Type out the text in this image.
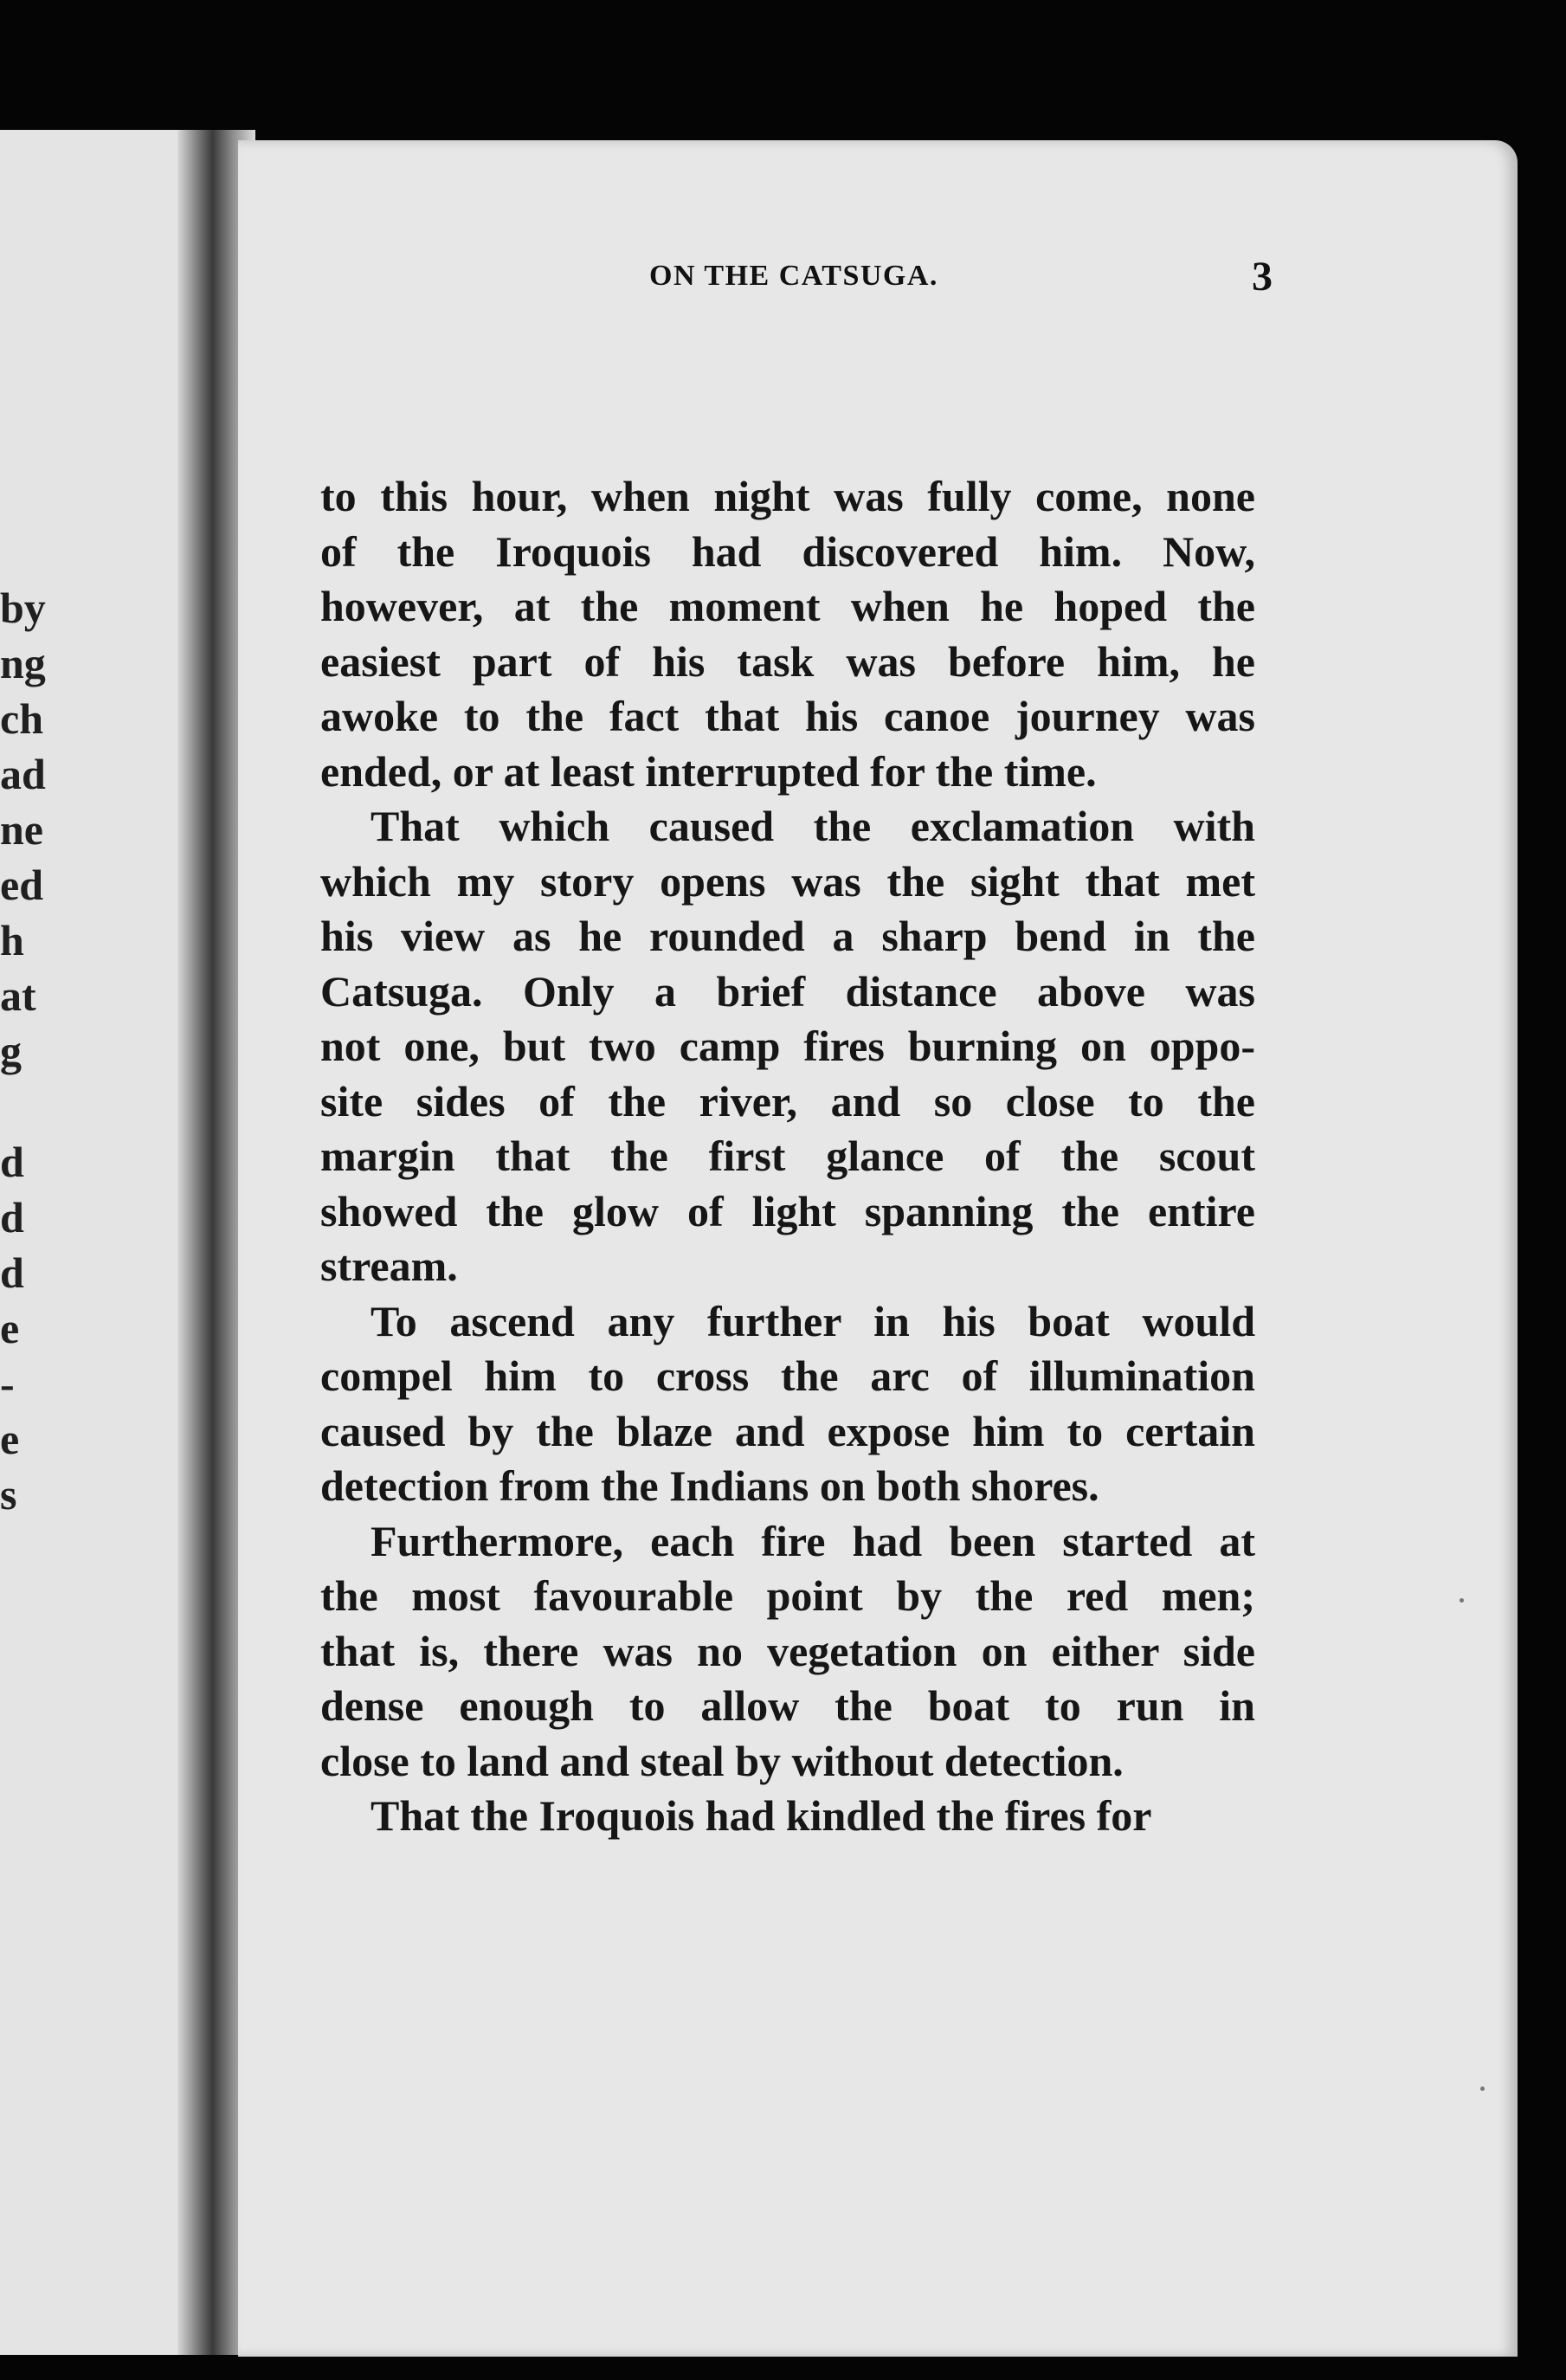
by
ng
ch
ad
ne
ed
h
at
g
d
d
d
e
-
e
s
ON THE CATSUGA.	3
to this hour, when night was fully come, none
of the Iroquois had discovered him. Now,
however, at the moment when he hoped the
easiest part of his task was before him, he
awoke to the fact that his canoe journey was
ended, or at least interrupted for the time.
That which caused the exclamation with
which my story opens was the sight that met
his view as he rounded a sharp bend in the
Catsuga. Only a brief distance above was
not one, but two camp fires burning on oppo-
site sides of the river, and so close to the
margin that the first glance of the scout
showed the glow of light spanning the entire
stream.
To ascend any further in his boat would
compel him to cross the arc of illumination
caused by the blaze and expose him to certain
detection from the Indians on both shores.
Furthermore, each fire had been started at
the most favourable point by the red men;
that is, there was no vegetation on either side
dense enough to allow the boat to run in
close to land and steal by without detection.
That the Iroquois had kindled the fires for
